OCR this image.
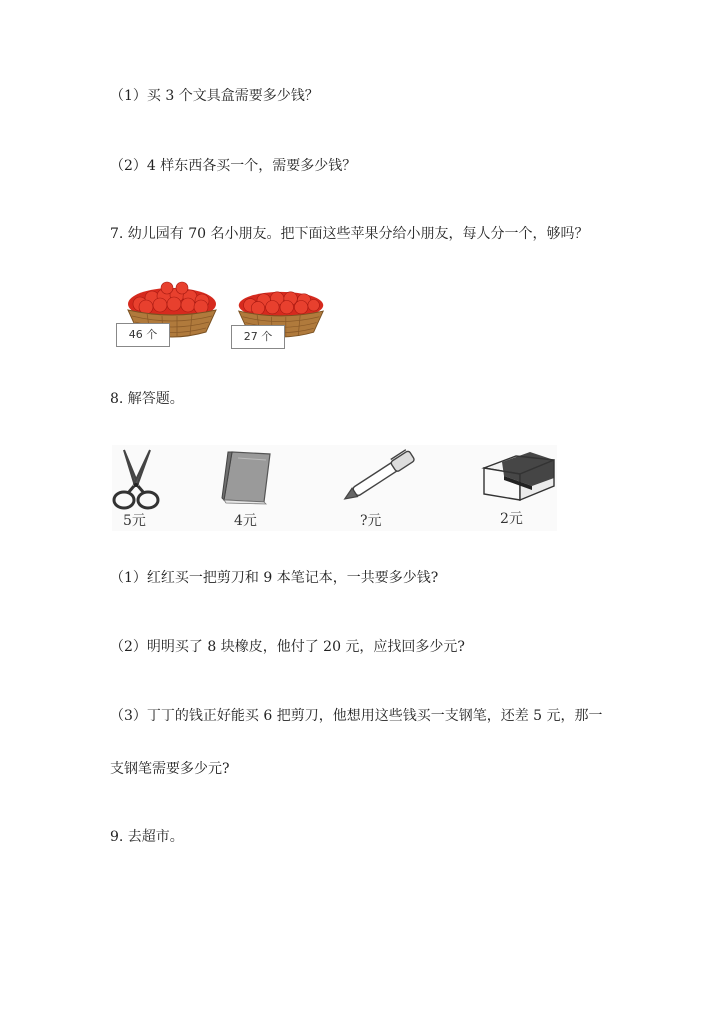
（1）买 3 个文具盒需要多少钱？
（2）4 样东西各买一个，需要多少钱？
7. 幼儿园有 70 名小朋友。把下面这些苹果分给小朋友，每人分一个，够吗？
46 个	27 个
8. 解答题。
5元	4元	?元	2元
（1）红红买一把剪刀和 9 本笔记本，一共要多少钱?
（2）明明买了 8 块橡皮，他付了 20 元，应找回多少元?
（3）丁丁的钱正好能买 6 把剪刀，他想用这些钱买一支钢笔，还差 5 元，那一
支钢笔需要多少元?
9. 去超市。
